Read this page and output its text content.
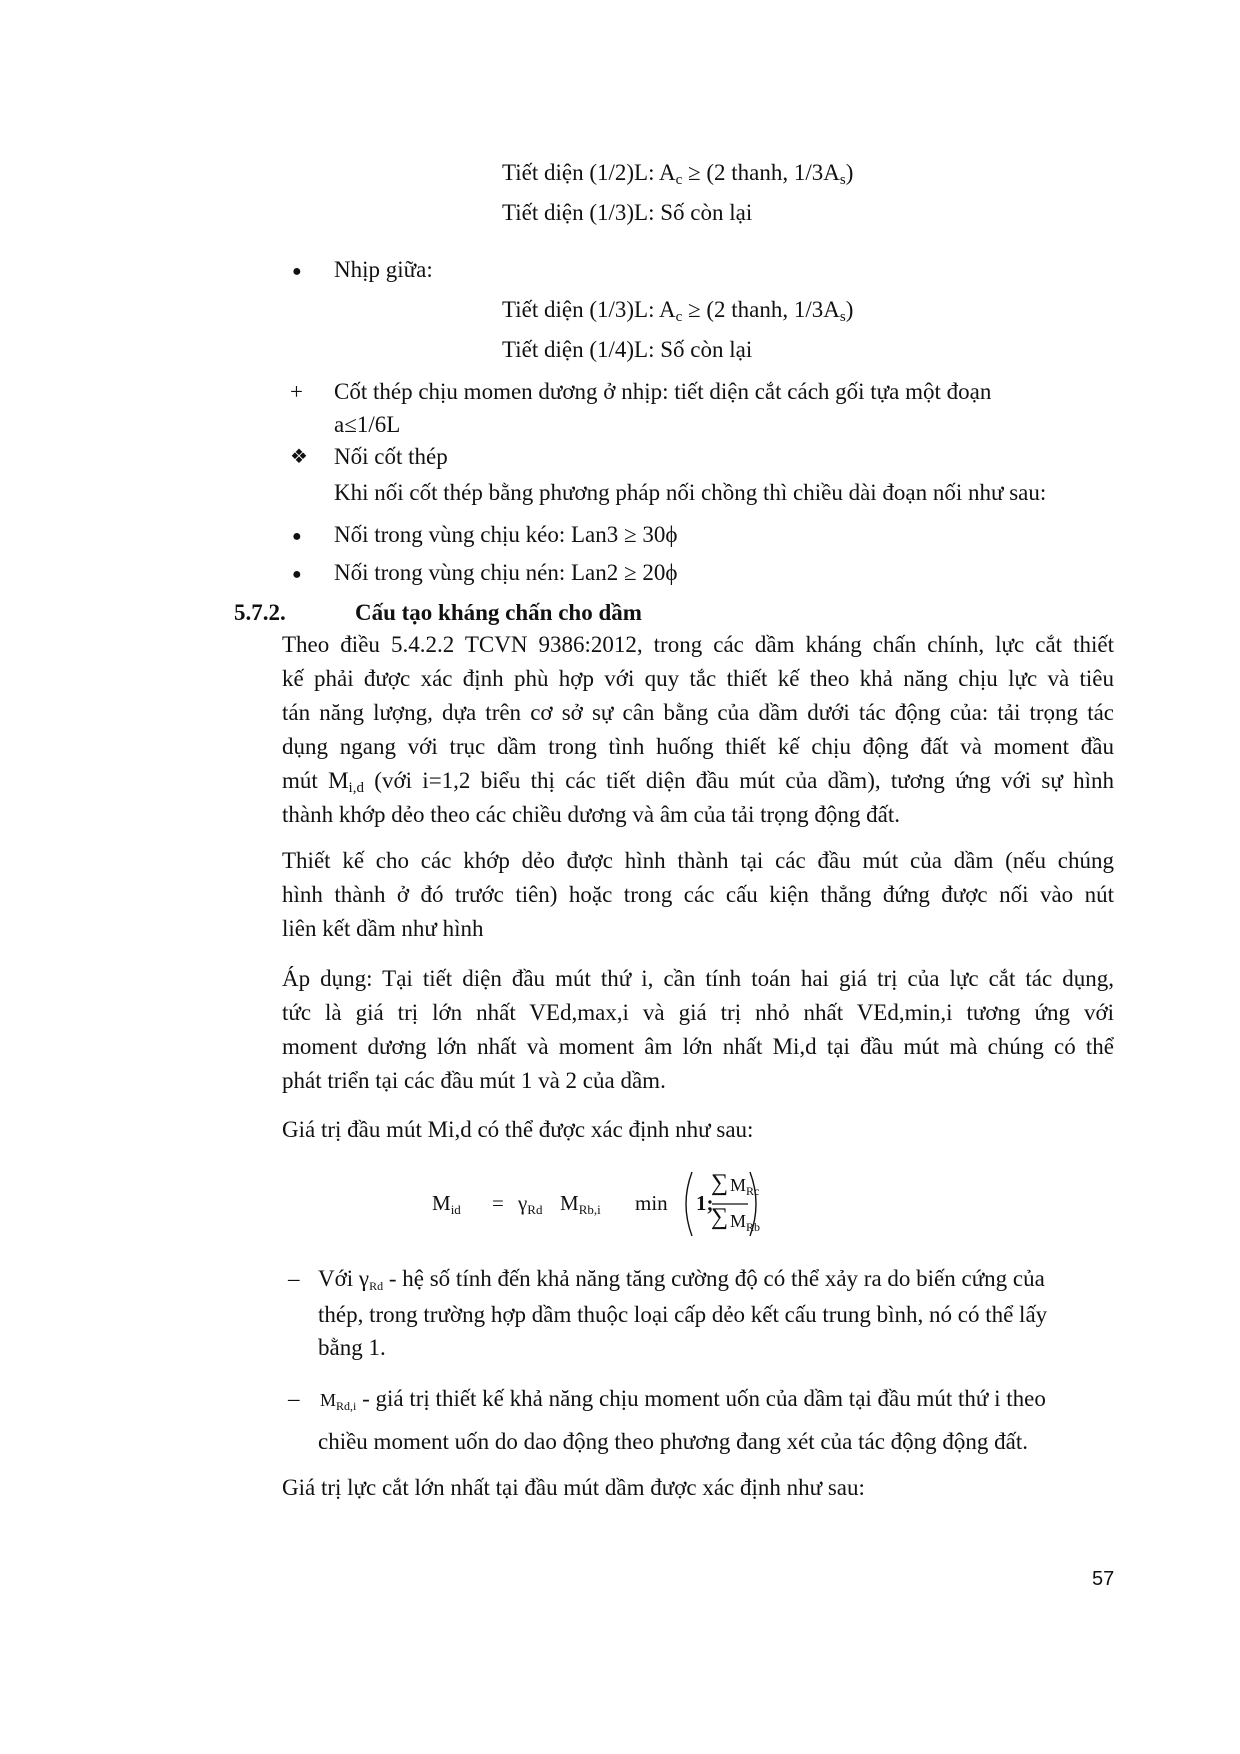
Tiết diện (1/2)L: $A_c \ge (2$ thanh, $1/3A_s$)
Tiết diện (1/3)L: Số còn lại
● Nhịp giữa:
Tiết diện (1/3)L: $A_c \ge (2$ thanh, $1/3A_s$)
Tiết diện (1/4)L: Số còn lại
+ Cốt thép chịu momen dương ở nhịp: tiết diện cắt cách gối tựa một đoạn
a≤1/6L
❖ Nối cốt thép
Khi nối cốt thép bằng phương pháp nối chồng thì chiều dài đoạn nối như sau:
● Nối trong vùng chịu kéo: Lan3 ≥ 30ϕ
● Nối trong vùng chịu nén: Lan2 ≥ 20ϕ
5.7.2.	Cấu tạo kháng chấn cho dầm
Theo điều 5.4.2.2 TCVN 9386:2012, trong các dầm kháng chấn chính, lực cắt thiết
kế phải được xác định phù hợp với quy tắc thiết kế theo khả năng chịu lực và tiêu
tán năng lượng, dựa trên cơ sở sự cân bằng của dầm dưới tác động của: tải trọng tác
dụng ngang với trục dầm trong tình huống thiết kế chịu động đất và moment đầu
mút $M_{i,d}$ (với i=1,2 biểu thị các tiết diện đầu mút của dầm), tương ứng với sự hình
thành khớp dẻo theo các chiều dương và âm của tải trọng động đất.
Thiết kế cho các khớp dẻo được hình thành tại các đầu mút của dầm (nếu chúng
hình thành ở đó trước tiên) hoặc trong các cấu kiện thẳng đứng được nối vào nút
liên kết dầm như hình
Áp dụng: Tại tiết diện đầu mút thứ i, cần tính toán hai giá trị của lực cắt tác dụng,
tức là giá trị lớn nhất VEd,max,i và giá trị nhỏ nhất VEd,min,i tương ứng với
moment dương lớn nhất và moment âm lớn nhất Mi,d tại đầu mút mà chúng có thể
phát triển tại các đầu mút 1 và 2 của dầm.
Giá trị đầu mút Mi,d có thể được xác định như sau:
$M_{id} = \gamma_{Rd}$ $M_{Rb,i}$ min 1;
∑ $M_{Rc}$
∑ $M_{Rb}$
– Với $\gamma_{Rd}$ - hệ số tính đến khả năng tăng cường độ có thể xảy ra do biến cứng của
thép, trong trường hợp dầm thuộc loại cấp dẻo kết cấu trung bình, nó có thể lấy
bằng 1.
– $M_{Rd,i}$ - giá trị thiết kế khả năng chịu moment uốn của dầm tại đầu mút thứ i theo
chiều moment uốn do dao động theo phương đang xét của tác động động đất.
Giá trị lực cắt lớn nhất tại đầu mút dầm được xác định như sau:
57
